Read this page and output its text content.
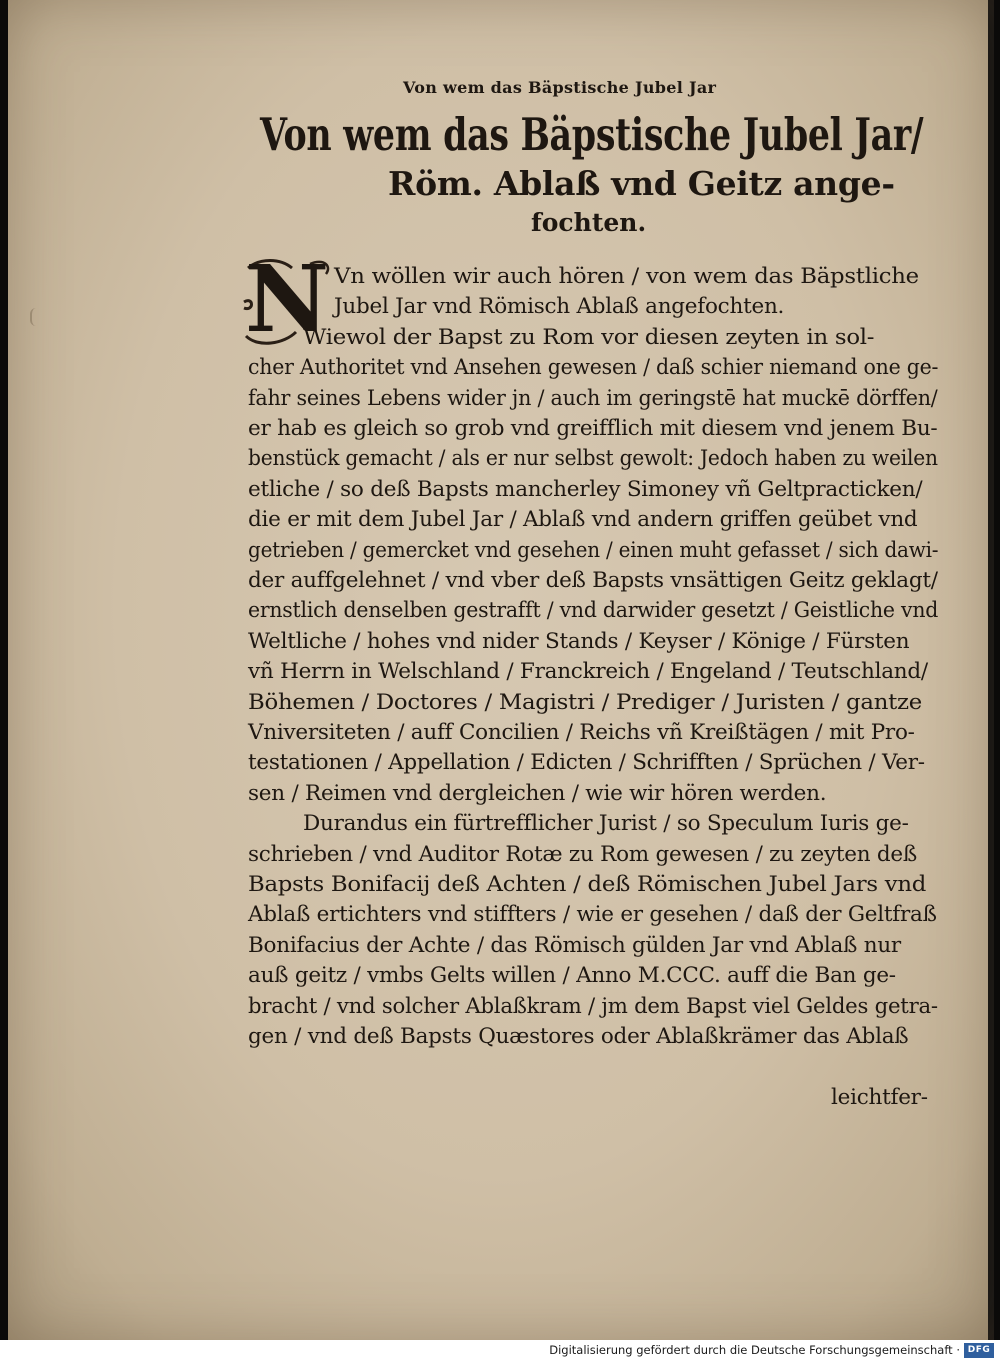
Von wem das Bäpstische Jubel Jar
Von wem das Bäpstische Jubel Jar/
Röm. Ablaß vnd Geitz ange-
fochten.
N Vn wöllen wir auch hören / von wem das Bäpstliche
Jubel Jar vnd Römisch Ablaß angefochten.
Wiewol der Bapst zu Rom vor diesen zeyten in sol-
cher Authoritet vnd Ansehen gewesen / daß schier niemand one ge-
fahr seines Lebens wider jn / auch im geringstē hat muckē dörffen/
er hab es gleich so grob vnd greifflich mit diesem vnd jenem Bu-
benstück gemacht / als er nur selbst gewolt: Jedoch haben zu weilen
etliche / so deß Bapsts mancherley Simoney vñ Geltpracticken/
die er mit dem Jubel Jar / Ablaß vnd andern griffen geübet vnd
getrieben / gemercket vnd gesehen / einen muht gefasset / sich dawi-
der auffgelehnet / vnd vber deß Bapsts vnsättigen Geitz geklagt/
ernstlich denselben gestrafft / vnd darwider gesetzt / Geistliche vnd
Weltliche / hohes vnd nider Stands / Keyser / Könige / Fürsten
vñ Herrn in Welschland / Franckreich / Engeland / Teutschland/
Böhemen / Doctores / Magistri / Prediger / Juristen / gantze
Vniversiteten / auff Concilien / Reichs vñ Kreißtägen / mit Pro-
testationen / Appellation / Edicten / Schrifften / Sprüchen / Ver-
sen / Reimen vnd dergleichen / wie wir hören werden.
Durandus ein fürtrefflicher Jurist / so Speculum Iuris ge-
schrieben / vnd Auditor Rotæ zu Rom gewesen / zu zeyten deß
Bapsts Bonifacij deß Achten / deß Römischen Jubel Jars vnd
Ablaß ertichters vnd stiffters / wie er gesehen / daß der Geltfraß
Bonifacius der Achte / das Römisch gülden Jar vnd Ablaß nur
auß geitz / vmbs Gelts willen / Anno M.CCC. auff die Ban ge-
bracht / vnd solcher Ablaßkram / jm dem Bapst viel Geldes getra-
gen / vnd deß Bapsts Quæstores oder Ablaßkrämer das Ablaß
leichtfer-
Digitalisierung gefördert durch die Deutsche Forschungsgemeinschaft · DFG
